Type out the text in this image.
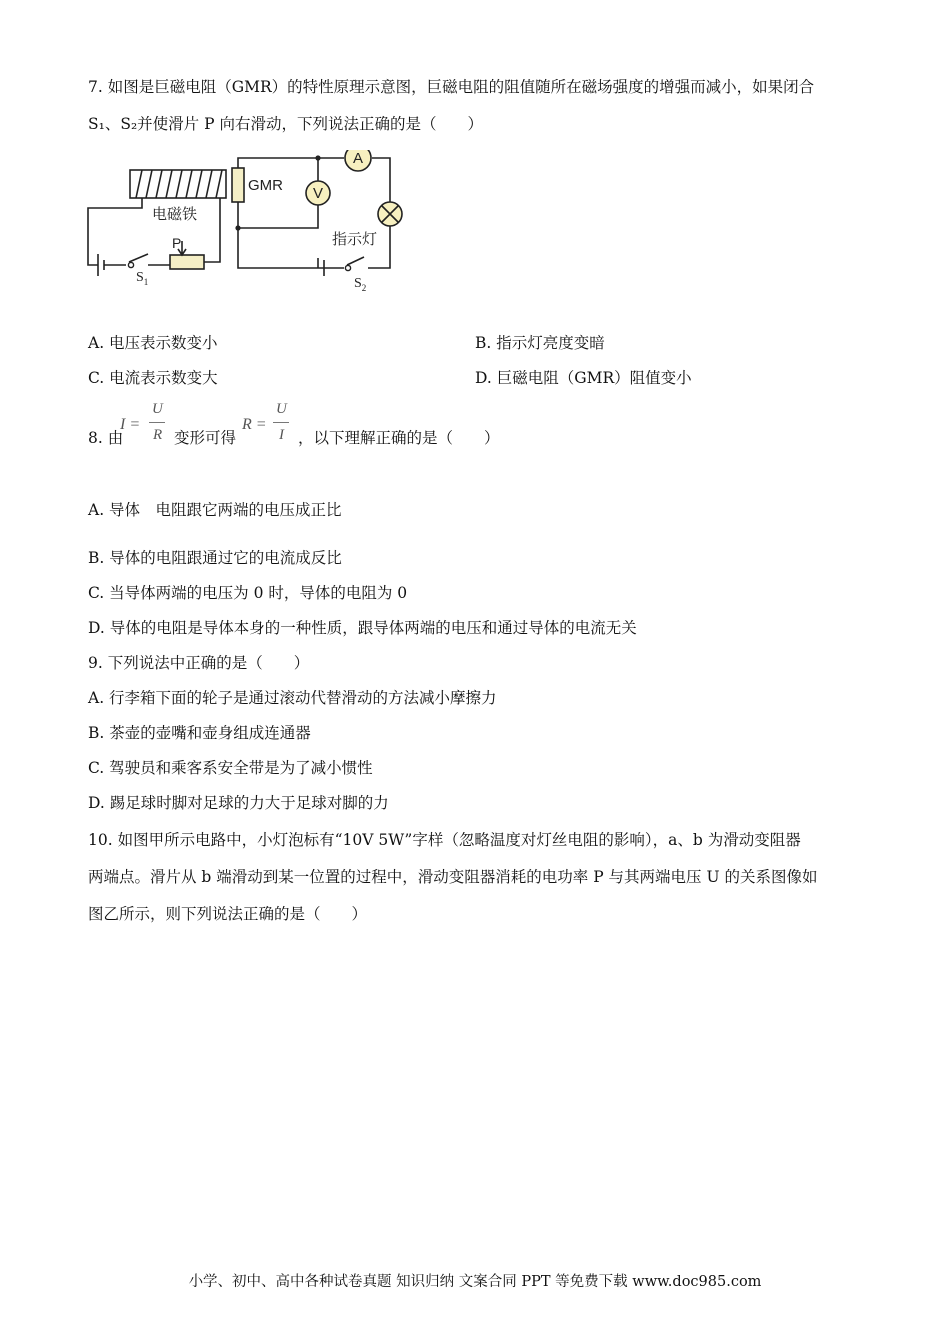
7. 如图是巨磁电阻（GMR）的特性原理示意图，巨磁电阻的阻值随所在磁场强度的增强而减小，如果闭合
S₁、S₂并使滑片 P 向右滑动，下列说法正确的是（　　）
GMR
A
V
P
电磁铁
指示灯
$S_1$	$S_2$
A. 电压表示数变小	B. 指示灯亮度变暗
C. 电流表示数变大	D. 巨磁电阻（GMR）阻值变小
8. 由
I =
U
R 变形可得
R =
U
I ，以下理解正确的是（　　）
A. 导体　电阻跟它两端的电压成正比
B. 导体的电阻跟通过它的电流成反比
C. 当导体两端的电压为 0 时，导体的电阻为 0
D. 导体的电阻是导体本身的一种性质，跟导体两端的电压和通过导体的电流无关
9. 下列说法中正确的是（　　）
A. 行李箱下面的轮子是通过滚动代替滑动的方法减小摩擦力
B. 茶壶的壶嘴和壶身组成连通器
C. 驾驶员和乘客系安全带是为了减小惯性
D. 踢足球时脚对足球的力大于足球对脚的力
10. 如图甲所示电路中，小灯泡标有“10V 5W”字样（忽略温度对灯丝电阻的影响），a、b 为滑动变阻器
两端点。滑片从 b 端滑动到某一位置的过程中，滑动变阻器消耗的电功率 P 与其两端电压 U 的关系图像如
图乙所示，则下列说法正确的是（　　）
小学、初中、高中各种试卷真题 知识归纳 文案合同 PPT 等免费下载 www.doc985.com
